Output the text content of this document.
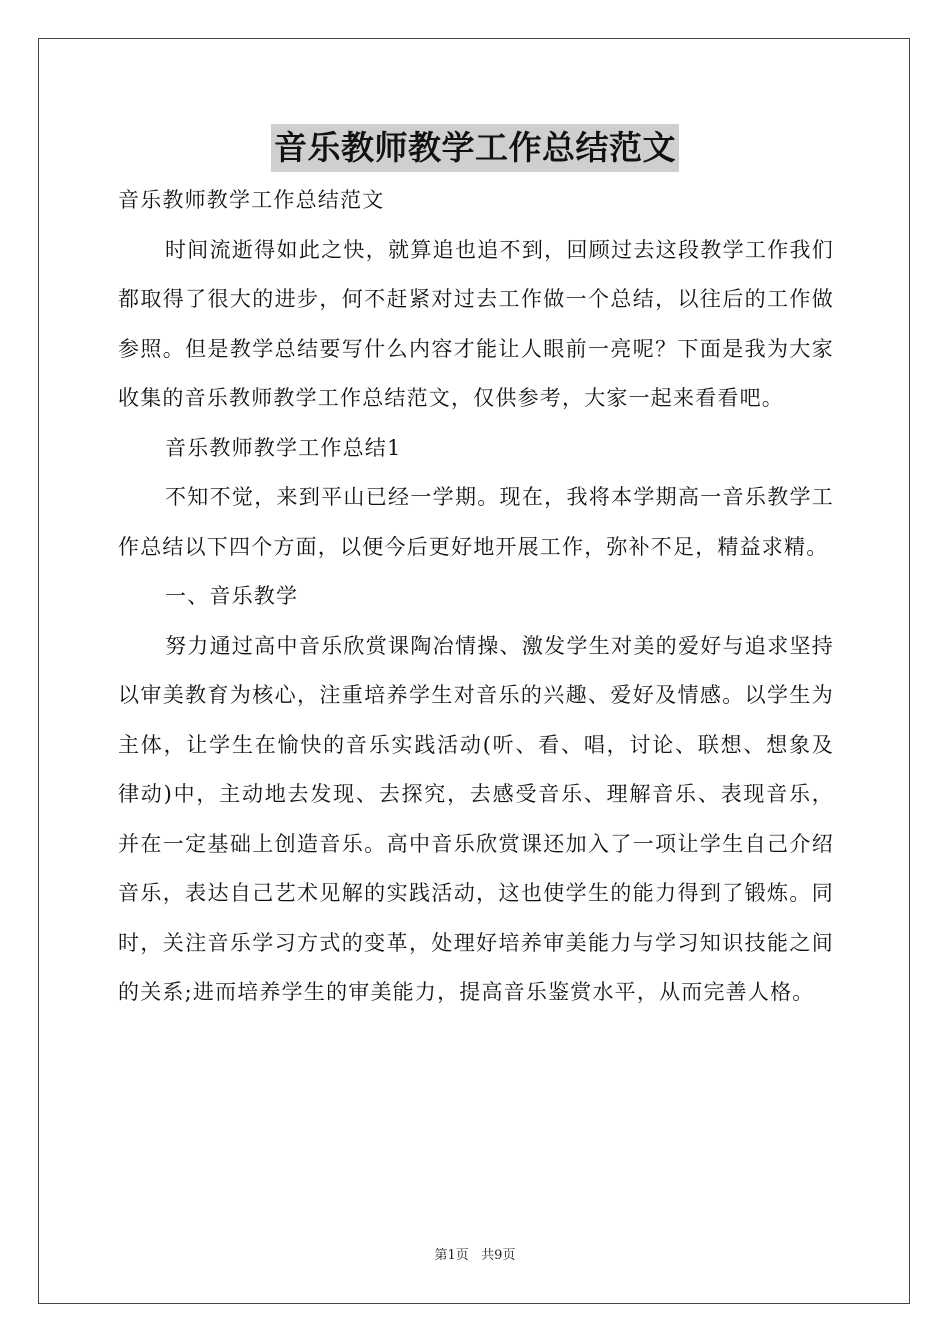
音乐教师教学工作总结范文

音乐教师教学工作总结范文

时间流逝得如此之快，就算追也追不到，回顾过去这段教学工作我们都取得了很大的进步，何不赶紧对过去工作做一个总结，以往后的工作做参照。但是教学总结要写什么内容才能让人眼前一亮呢？下面是我为大家收集的音乐教师教学工作总结范文，仅供参考，大家一起来看看吧。

音乐教师教学工作总结1

不知不觉，来到平山已经一学期。现在，我将本学期高一音乐教学工作总结以下四个方面，以便今后更好地开展工作，弥补不足，精益求精。

一、音乐教学

努力通过高中音乐欣赏课陶冶情操、激发学生对美的爱好与追求坚持以审美教育为核心，注重培养学生对音乐的兴趣、爱好及情感。以学生为主体，让学生在愉快的音乐实践活动(听、看、唱，讨论、联想、想象及律动)中，主动地去发现、去探究，去感受音乐、理解音乐、表现音乐，并在一定基础上创造音乐。高中音乐欣赏课还加入了一项让学生自己介绍音乐，表达自己艺术见解的实践活动，这也使学生的能力得到了锻炼。同时，关注音乐学习方式的变革，处理好培养审美能力与学习知识技能之间的关系;进而培养学生的审美能力，提高音乐鉴赏水平，从而完善人格。

第1页   共9页
